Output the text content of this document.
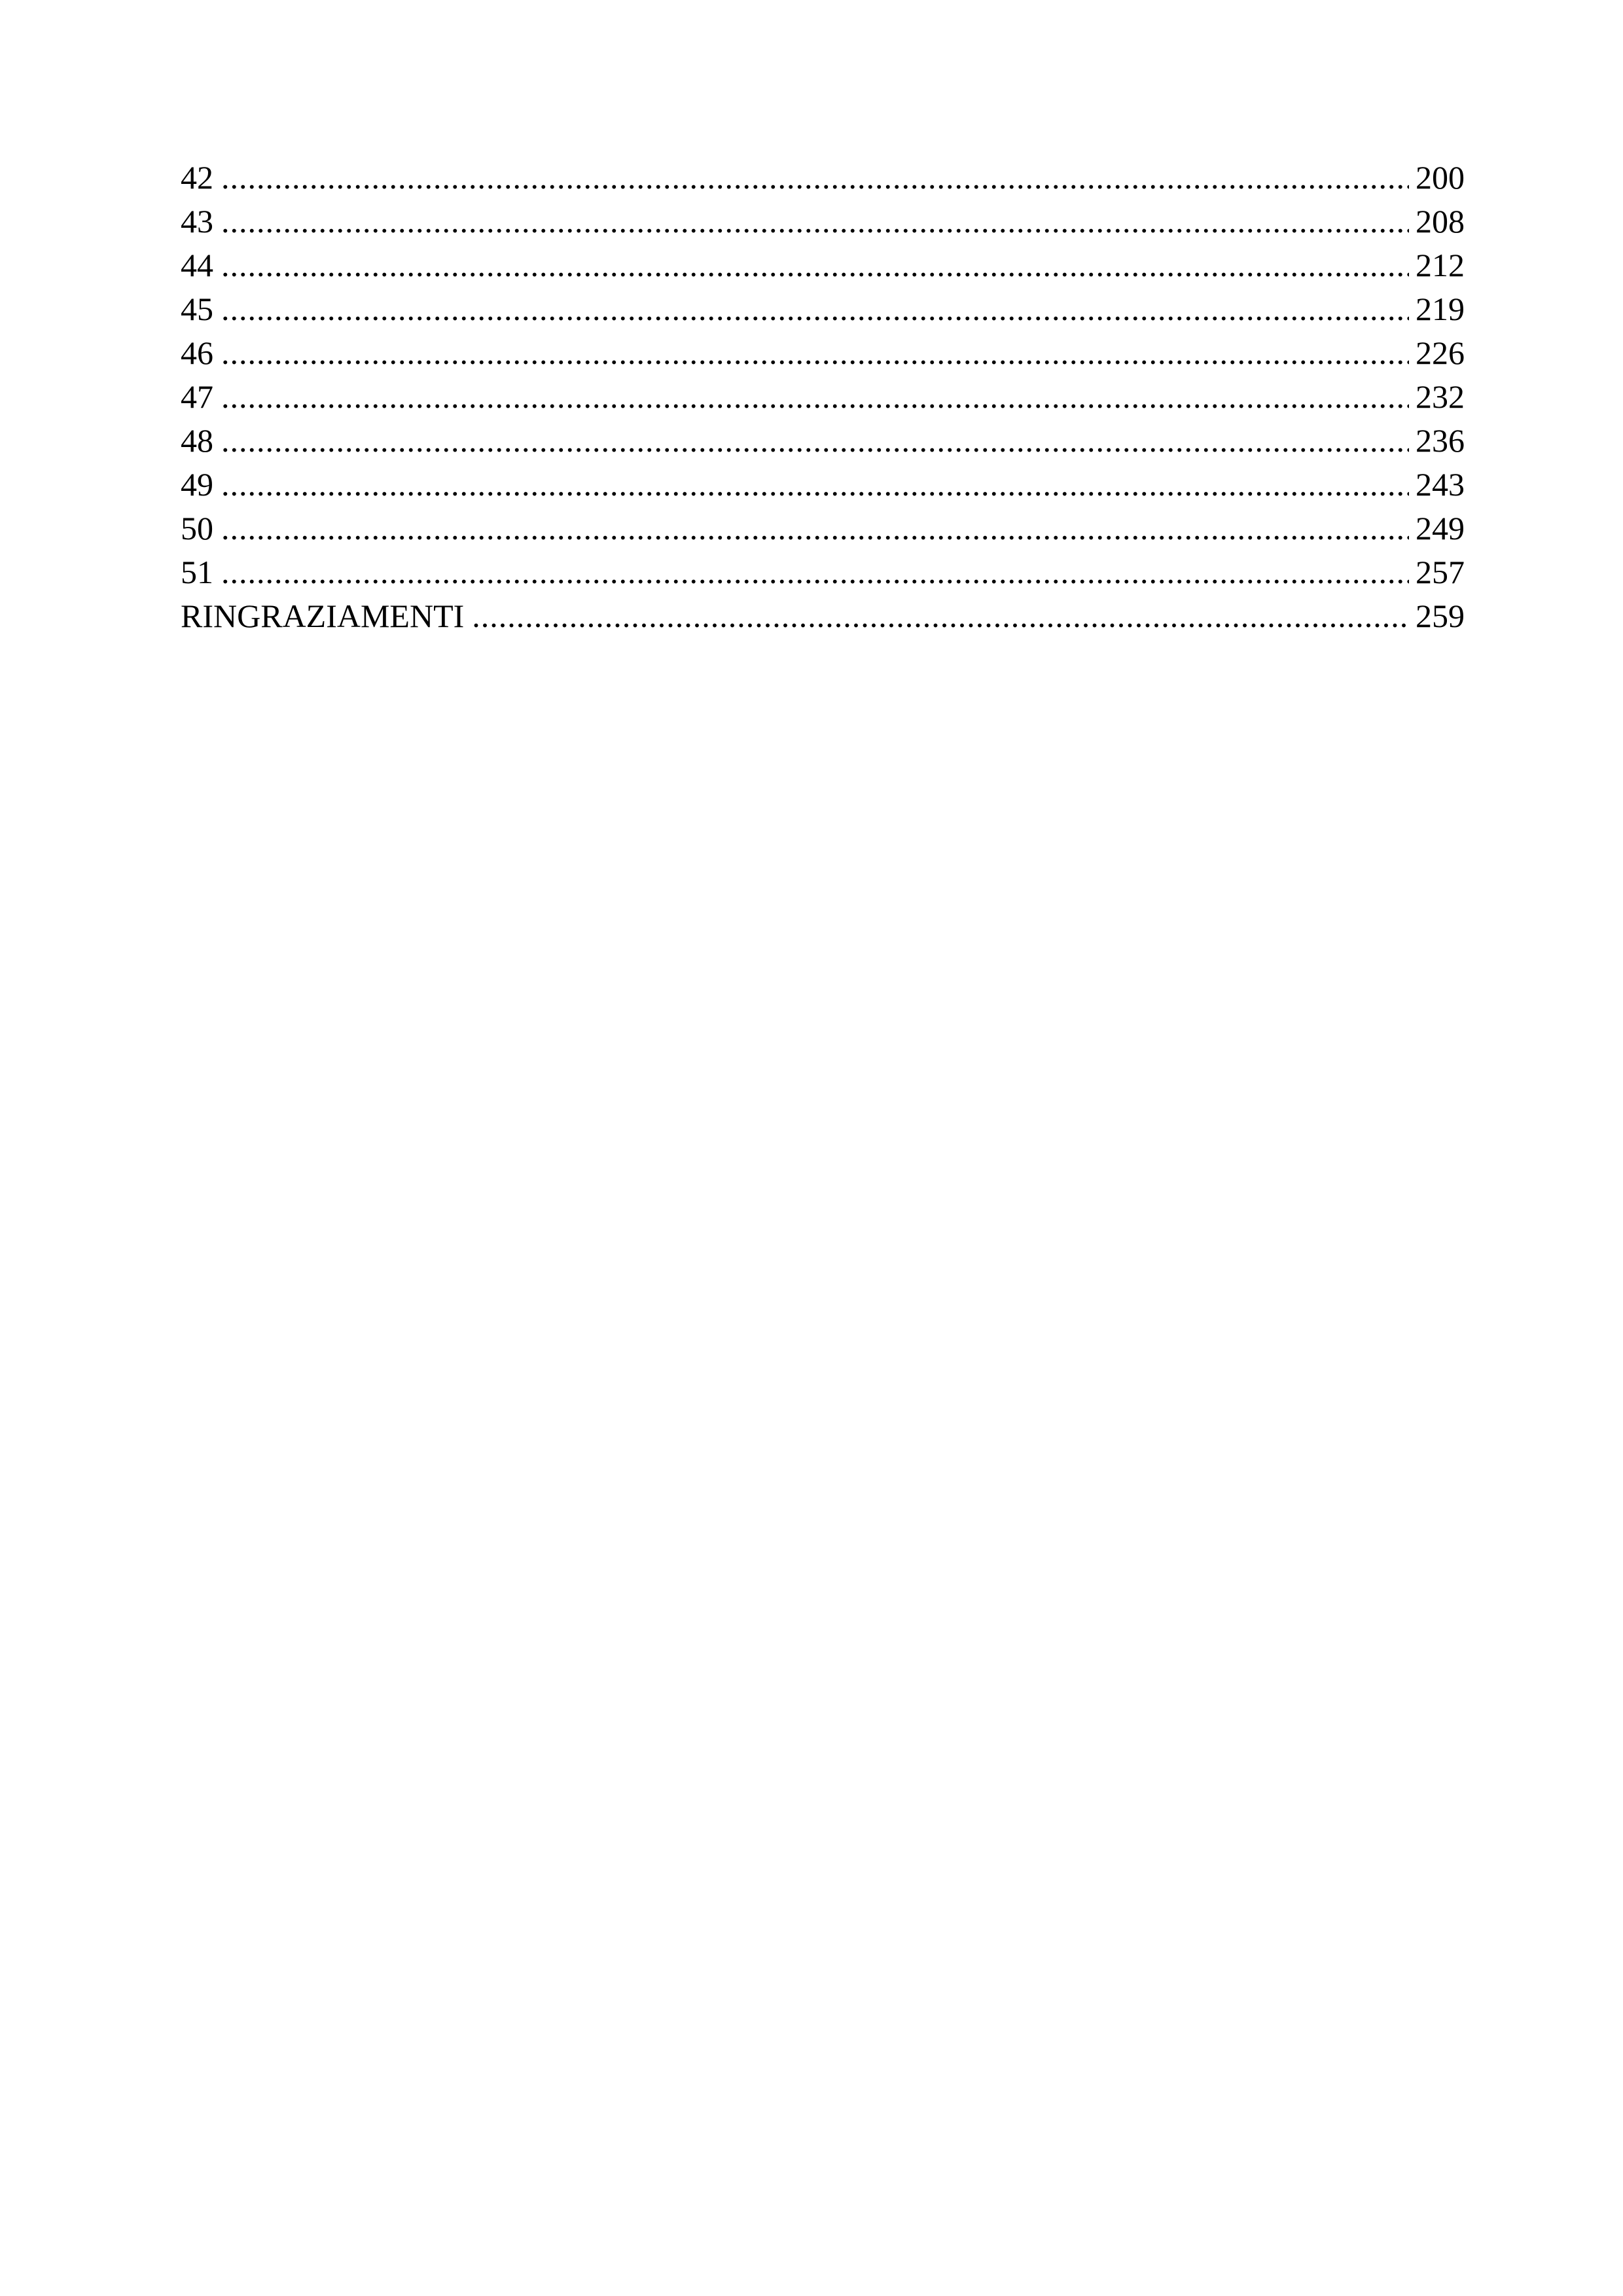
42 .....	200
43 .....	208
44 .....	212
45 .....	219
46 .....	226
47 .....	232
48 .....	236
49 .....	243
50 .....	249
51 .....	257
RINGRAZIAMENTI .....	259
